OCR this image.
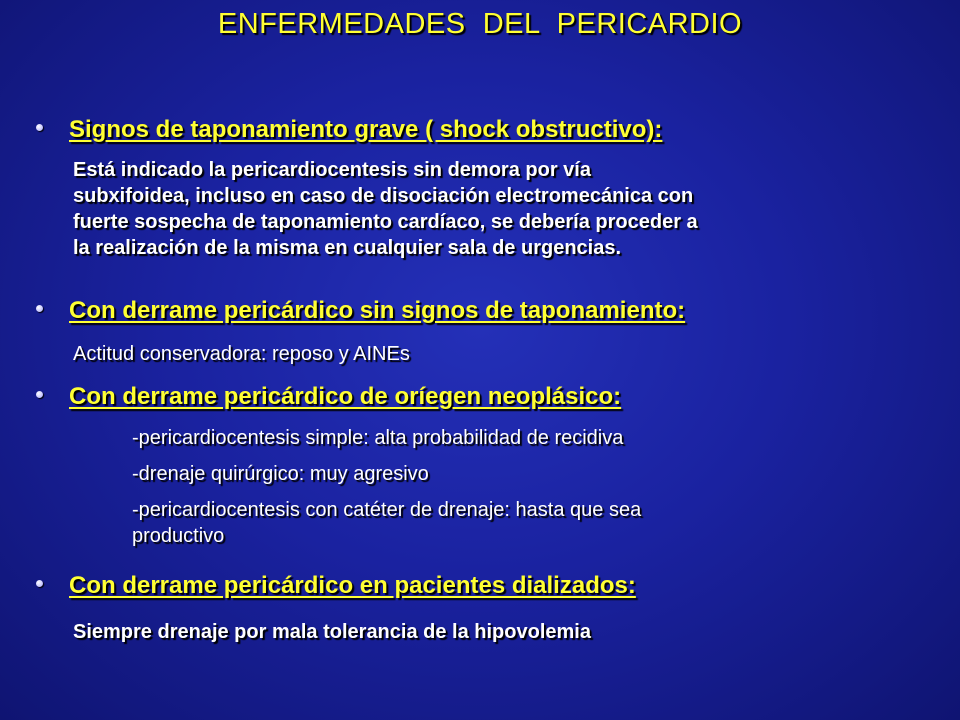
ENFERMEDADES  DEL  PERICARDIO
Signos de taponamiento grave ( shock obstructivo):
Está indicado la pericardiocentesis sin demora por vía
subxifoidea, incluso en caso de disociación electromecánica con
fuerte sospecha de taponamiento cardíaco, se debería proceder a
la realización de la misma en cualquier sala de urgencias.
Con derrame pericárdico sin signos de taponamiento:
Actitud conservadora: reposo y AINEs
Con derrame pericárdico de oríegen neoplásico:
-pericardiocentesis simple: alta probabilidad de recidiva
-drenaje quirúrgico: muy agresivo
-pericardiocentesis con catéter de drenaje: hasta que sea
productivo
Con derrame pericárdico en pacientes dializados:
Siempre drenaje por mala tolerancia de la hipovolemia
